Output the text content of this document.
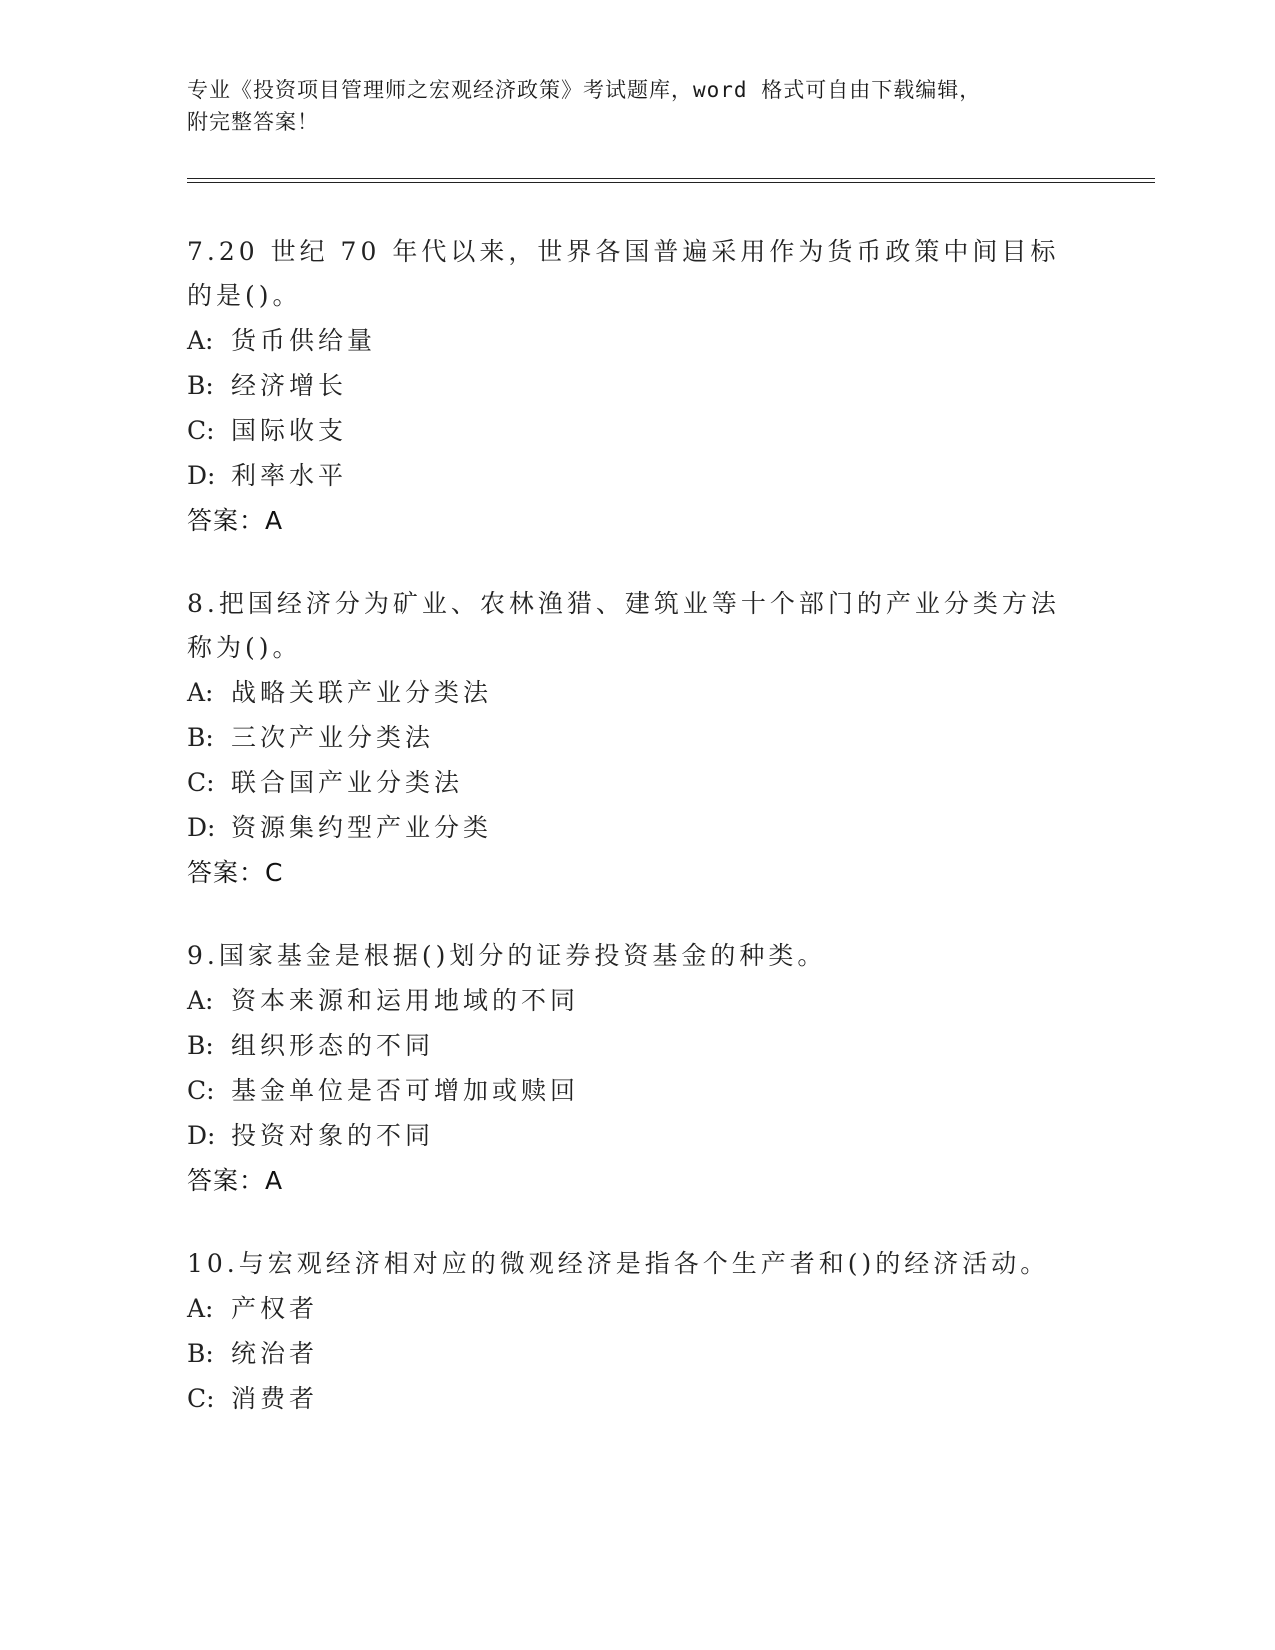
专业《投资项目管理师之宏观经济政策》考试题库，word 格式可自由下载编辑，
附完整答案！
7.20 世纪 70 年代以来，世界各国普遍采用作为货币政策中间目标的是()。
A: 货币供给量
B: 经济增长
C: 国际收支
D: 利率水平
答案：A
8.把国经济分为矿业、农林渔猎、建筑业等十个部门的产业分类方法称为()。
A: 战略关联产业分类法
B: 三次产业分类法
C: 联合国产业分类法
D: 资源集约型产业分类
答案：C
9.国家基金是根据()划分的证券投资基金的种类。
A: 资本来源和运用地域的不同
B: 组织形态的不同
C: 基金单位是否可增加或赎回
D: 投资对象的不同
答案：A
10.与宏观经济相对应的微观经济是指各个生产者和()的经济活动。
A: 产权者
B: 统治者
C: 消费者
